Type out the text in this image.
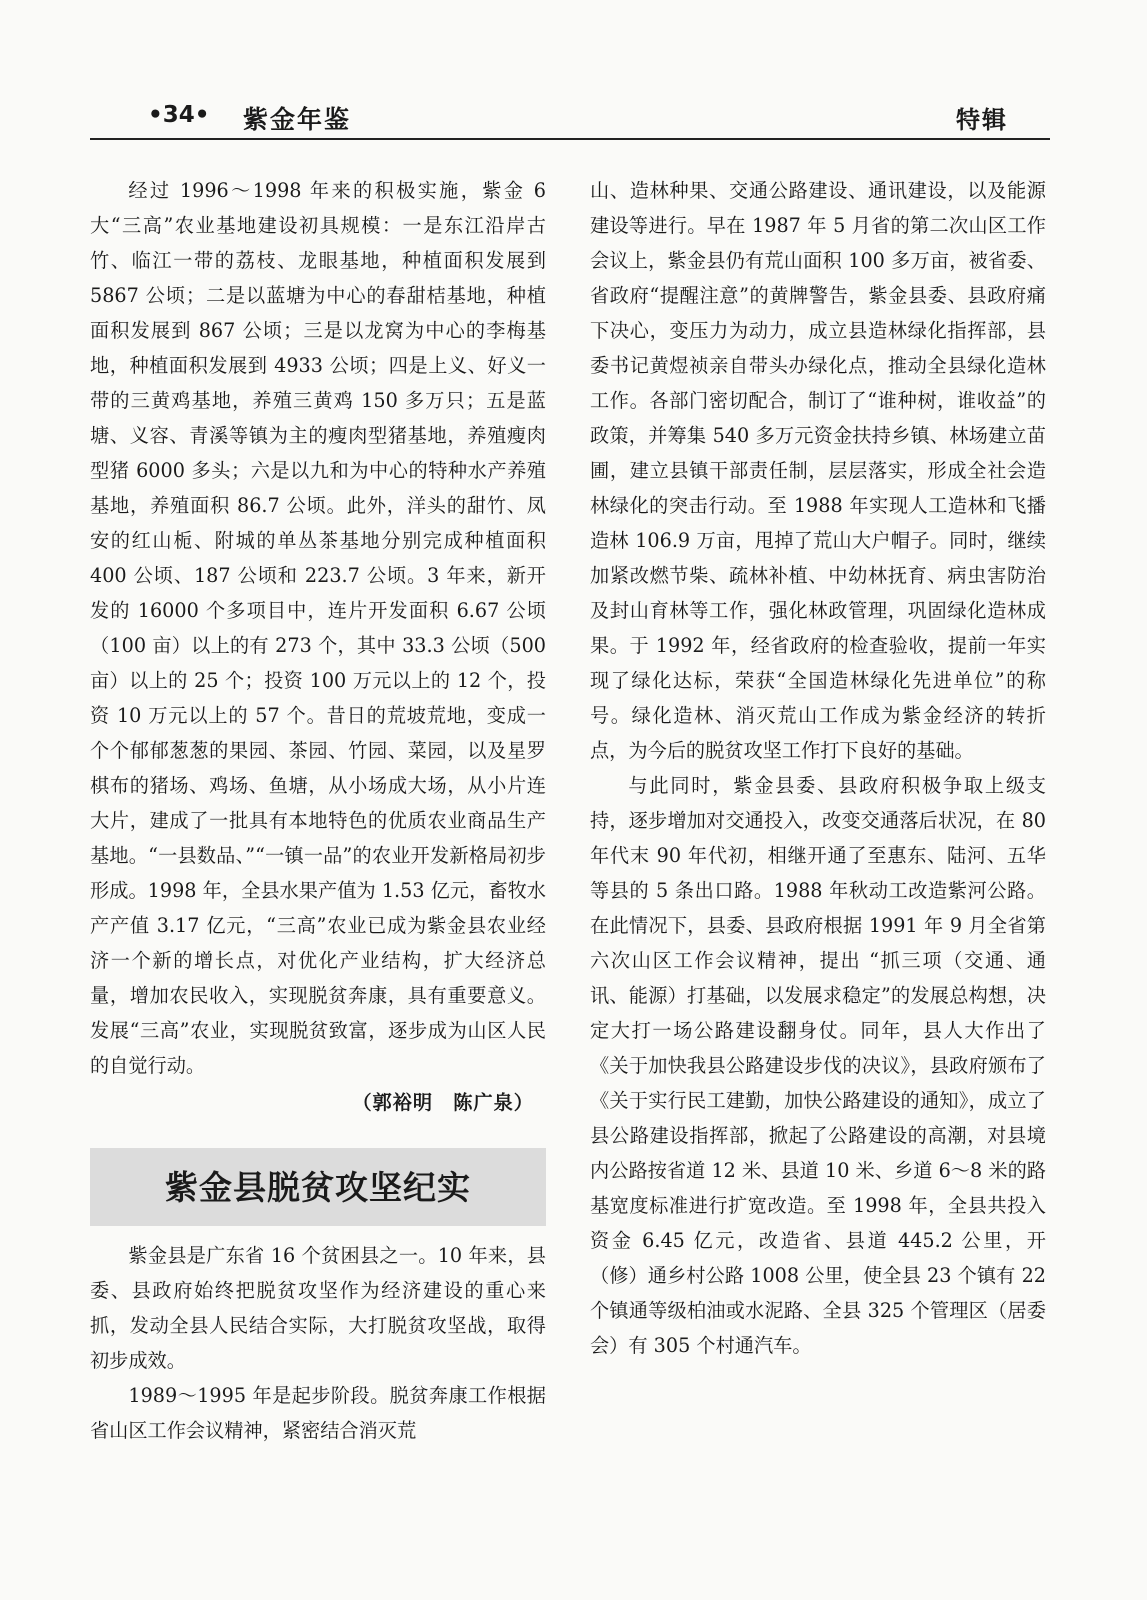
•34• 紫金年鉴	特辑

经过 1996～1998 年来的积极实施，紫金 6 大“三高”农业基地建设初具规模：一是东江沿岸古竹、临江一带的荔枝、龙眼基地，种植面积发展到 5867 公顷；二是以蓝塘为中心的春甜桔基地，种植面积发展到 867 公顷；三是以龙窝为中心的李梅基地，种植面积发展到 4933 公顷；四是上义、好义一带的三黄鸡基地，养殖三黄鸡 150 多万只；五是蓝塘、义容、青溪等镇为主的瘦肉型猪基地，养殖瘦肉型猪 6000 多头；六是以九和为中心的特种水产养殖基地，养殖面积 86.7 公顷。此外，洋头的甜竹、凤安的红山栀、附城的单丛茶基地分别完成种植面积 400 公顷、187 公顷和 223.7 公顷。3 年来，新开发的 16000 个多项目中，连片开发面积 6.67 公顷（100 亩）以上的有 273 个，其中 33.3 公顷（500 亩）以上的 25 个；投资 100 万元以上的 12 个，投资 10 万元以上的 57 个。昔日的荒坡荒地，变成一个个郁郁葱葱的果园、茶园、竹园、菜园，以及星罗棋布的猪场、鸡场、鱼塘，从小场成大场，从小片连大片，建成了一批具有本地特色的优质农业商品生产基地。“一县数品、”“一镇一品”的农业开发新格局初步形成。1998 年，全县水果产值为 1.53 亿元，畜牧水产产值 3.17 亿元，“三高”农业已成为紫金县农业经济一个新的增长点，对优化产业结构，扩大经济总量，增加农民收入，实现脱贫奔康，具有重要意义。发展“三高”农业，实现脱贫致富，逐步成为山区人民的自觉行动。

（郭裕明　陈广泉）
紫金县脱贫攻坚纪实

紫金县是广东省 16 个贫困县之一。10 年来，县委、县政府始终把脱贫攻坚作为经济建设的重心来抓，发动全县人民结合实际，大打脱贫攻坚战，取得初步成效。

1989～1995 年是起步阶段。脱贫奔康工作根据省山区工作会议精神，紧密结合消灭荒

山、造林种果、交通公路建设、通讯建设，以及能源建设等进行。早在 1987 年 5 月省的第二次山区工作会议上，紫金县仍有荒山面积 100 多万亩，被省委、省政府“提醒注意”的黄牌警告，紫金县委、县政府痛下决心，变压力为动力，成立县造林绿化指挥部，县委书记黄煜祯亲自带头办绿化点，推动全县绿化造林工作。各部门密切配合，制订了“谁种树，谁收益”的政策，并筹集 540 多万元资金扶持乡镇、林场建立苗圃，建立县镇干部责任制，层层落实，形成全社会造林绿化的突击行动。至 1988 年实现人工造林和飞播造林 106.9 万亩，甩掉了荒山大户帽子。同时，继续加紧改燃节柴、疏林补植、中幼林抚育、病虫害防治及封山育林等工作，强化林政管理，巩固绿化造林成果。于 1992 年，经省政府的检查验收，提前一年实现了绿化达标，荣获“全国造林绿化先进单位”的称号。绿化造林、消灭荒山工作成为紫金经济的转折点，为今后的脱贫攻坚工作打下良好的基础。

与此同时，紫金县委、县政府积极争取上级支持，逐步增加对交通投入，改变交通落后状况，在 80 年代末 90 年代初，相继开通了至惠东、陆河、五华等县的 5 条出口路。1988 年秋动工改造紫河公路。在此情况下，县委、县政府根据 1991 年 9 月全省第六次山区工作会议精神，提出 “抓三项（交通、通讯、能源）打基础，以发展求稳定”的发展总构想，决定大打一场公路建设翻身仗。同年，县人大作出了《关于加快我县公路建设步伐的决议》，县政府颁布了《关于实行民工建勤，加快公路建设的通知》，成立了县公路建设指挥部，掀起了公路建设的高潮，对县境内公路按省道 12 米、县道 10 米、乡道 6～8 米的路基宽度标准进行扩宽改造。至 1998 年，全县共投入资金 6.45 亿元，改造省、县道 445.2 公里，开（修）通乡村公路 1008 公里，使全县 23 个镇有 22 个镇通等级柏油或水泥路、全县 325 个管理区（居委会）有 305 个村通汽车。
